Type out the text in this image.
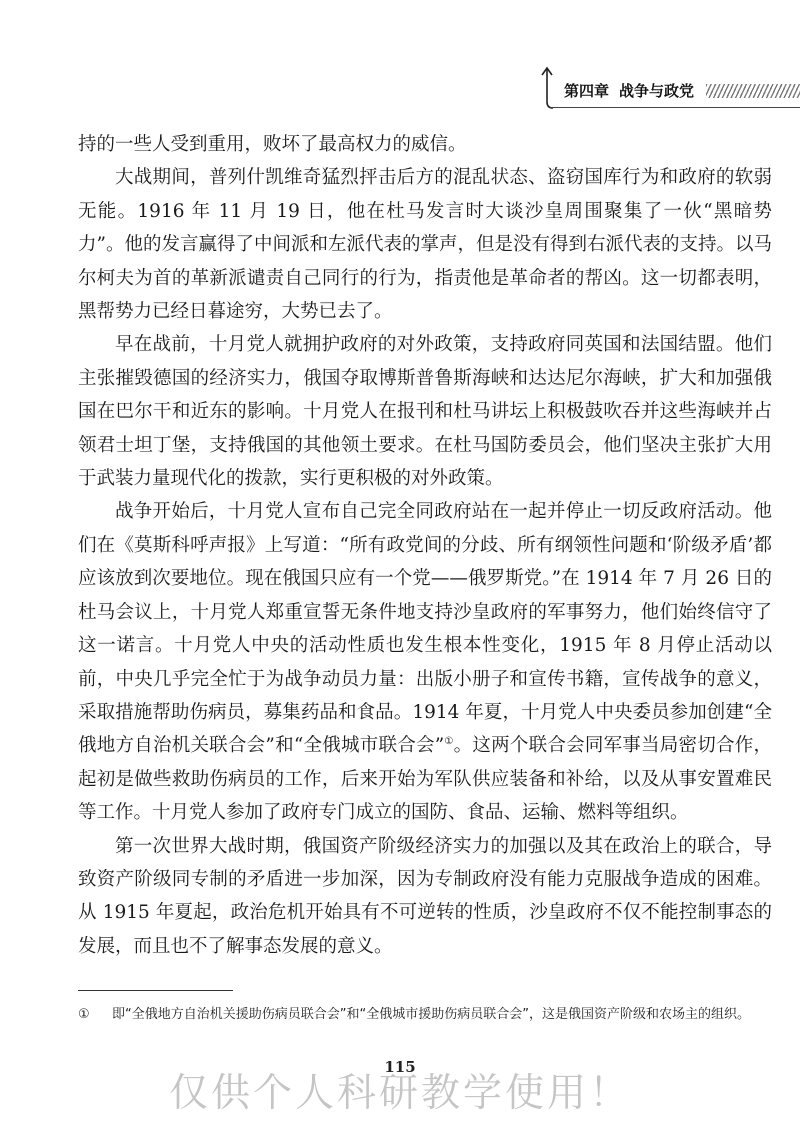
第四章 战争与政党

持的一些人受到重用，败坏了最高权力的威信。

大战期间，普列什凯维奇猛烈抨击后方的混乱状态、盗窃国库行为和政府的软弱无能。1916 年 11 月 19 日，他在杜马发言时大谈沙皇周围聚集了一伙“黑暗势力”。他的发言赢得了中间派和左派代表的掌声，但是没有得到右派代表的支持。以马尔柯夫为首的革新派谴责自己同行的行为，指责他是革命者的帮凶。这一切都表明，黑帮势力已经日暮途穷，大势已去了。

早在战前，十月党人就拥护政府的对外政策，支持政府同英国和法国结盟。他们主张摧毁德国的经济实力，俄国夺取博斯普鲁斯海峡和达达尼尔海峡，扩大和加强俄国在巴尔干和近东的影响。十月党人在报刊和杜马讲坛上积极鼓吹吞并这些海峡并占领君士坦丁堡，支持俄国的其他领土要求。在杜马国防委员会，他们坚决主张扩大用于武装力量现代化的拨款，实行更积极的对外政策。

战争开始后，十月党人宣布自己完全同政府站在一起并停止一切反政府活动。他们在《莫斯科呼声报》上写道：“所有政党间的分歧、所有纲领性问题和‘阶级矛盾’都应该放到次要地位。现在俄国只应有一个党——俄罗斯党。”在 1914 年 7 月 26 日的杜马会议上，十月党人郑重宣誓无条件地支持沙皇政府的军事努力，他们始终信守了这一诺言。十月党人中央的活动性质也发生根本性变化，1915 年 8 月停止活动以前，中央几乎完全忙于为战争动员力量：出版小册子和宣传书籍，宣传战争的意义，采取措施帮助伤病员，募集药品和食品。1914 年夏，十月党人中央委员参加创建“全俄地方自治机关联合会”和“全俄城市联合会”①。这两个联合会同军事当局密切合作，起初是做些救助伤病员的工作，后来开始为军队供应装备和补给，以及从事安置难民等工作。十月党人参加了政府专门成立的国防、食品、运输、燃料等组织。

第一次世界大战时期，俄国资产阶级经济实力的加强以及其在政治上的联合，导致资产阶级同专制的矛盾进一步加深，因为专制政府没有能力克服战争造成的困难。从 1915 年夏起，政治危机开始具有不可逆转的性质，沙皇政府不仅不能控制事态的发展，而且也不了解事态发展的意义。

① 即“全俄地方自治机关援助伤病员联合会”和“全俄城市援助伤病员联合会”，这是俄国资产阶级和农场主的组织。
115
仅供个人科研教学使用！
